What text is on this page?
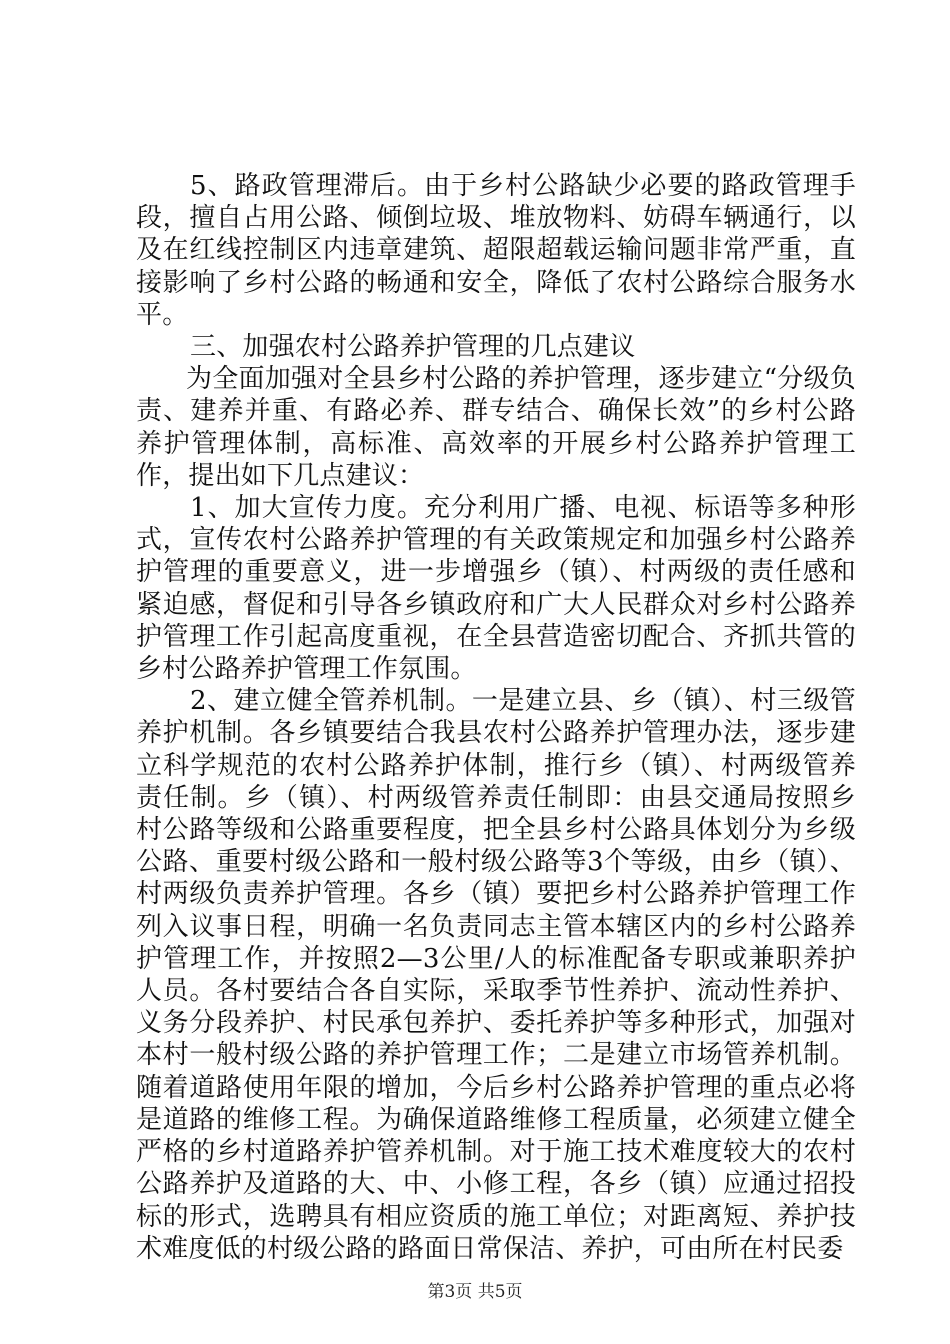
5、路政管理滞后。由于乡村公路缺少必要的路政管理手段，擅自占用公路、倾倒垃圾、堆放物料、妨碍车辆通行，以及在红线控制区内违章建筑、超限超载运输问题非常严重，直接影响了乡村公路的畅通和安全，降低了农村公路综合服务水平。

三、加强农村公路养护管理的几点建议

为全面加强对全县乡村公路的养护管理，逐步建立“分级负责、建养并重、有路必养、群专结合、确保长效”的乡村公路养护管理体制，高标准、高效率的开展乡村公路养护管理工作，提出如下几点建议：

1、加大宣传力度。充分利用广播、电视、标语等多种形式，宣传农村公路养护管理的有关政策规定和加强乡村公路养护管理的重要意义，进一步增强乡（镇）、村两级的责任感和紧迫感，督促和引导各乡镇政府和广大人民群众对乡村公路养护管理工作引起高度重视，在全县营造密切配合、齐抓共管的乡村公路养护管理工作氛围。

2、建立健全管养机制。一是建立县、乡（镇）、村三级管养护机制。各乡镇要结合我县农村公路养护管理办法，逐步建立科学规范的农村公路养护体制，推行乡（镇）、村两级管养责任制。乡（镇）、村两级管养责任制即：由县交通局按照乡村公路等级和公路重要程度，把全县乡村公路具体划分为乡级公路、重要村级公路和一般村级公路等3个等级，由乡（镇）、村两级负责养护管理。各乡（镇）要把乡村公路养护管理工作列入议事日程，明确一名负责同志主管本辖区内的乡村公路养护管理工作，并按照2—3公里/人的标准配备专职或兼职养护人员。各村要结合各自实际，采取季节性养护、流动性养护、义务分段养护、村民承包养护、委托养护等多种形式，加强对本村一般村级公路的养护管理工作；二是建立市场管养机制。随着道路使用年限的增加，今后乡村公路养护管理的重点必将是道路的维修工程。为确保道路维修工程质量，必须建立健全严格的乡村道路养护管养机制。对于施工技术难度较大的农村公路养护及道路的大、中、小修工程，各乡（镇）应通过招投标的形式，选聘具有相应资质的施工单位；对距离短、养护技术难度低的村级公路的路面日常保洁、养护，可由所在村民委

第3页 共5页
